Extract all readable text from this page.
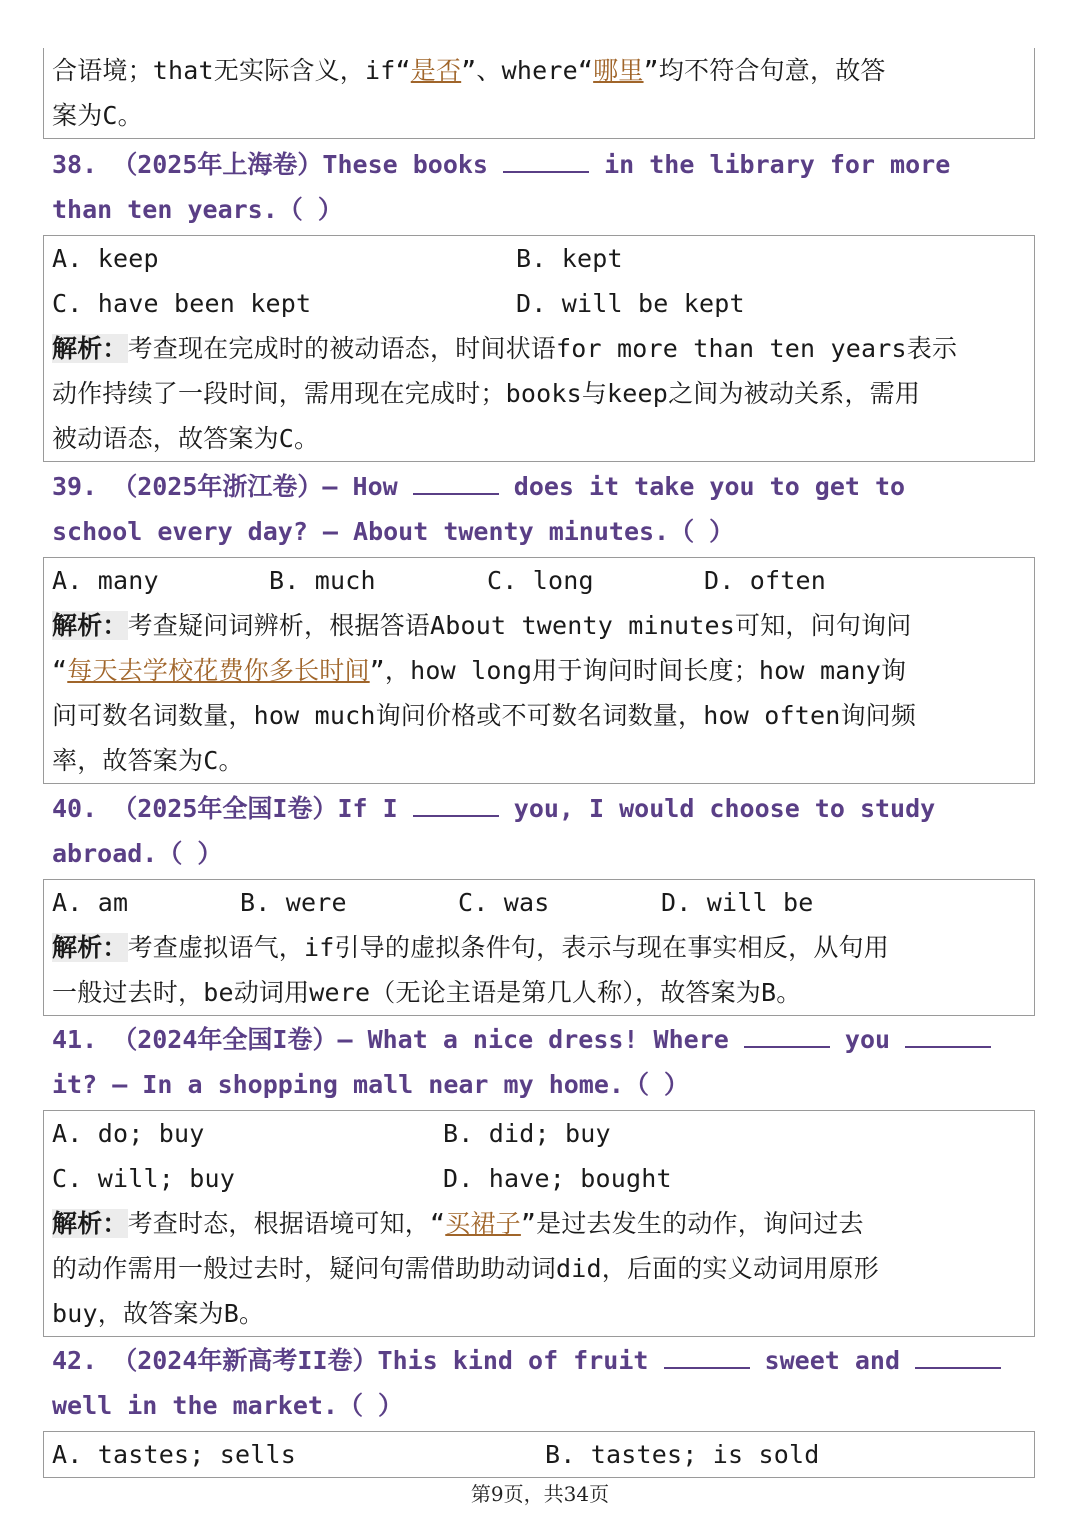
合语境；that无实际含义，if“是否”、where“哪里”均不符合句意，故答
案为C。
38. （2025年上海卷）These books	in the library for more
than ten years.（ ）
A. keep	B. kept
C. have been kept	D. will be kept
解析：考查现在完成时的被动语态，时间状语for more than ten years表示
动作持续了一段时间，需用现在完成时；books与keep之间为被动关系，需用
被动语态，故答案为C。
39. （2025年浙江卷）— How	does it take you to get to
school every day? — About twenty minutes.（ ）
A. many	B. much	C. long	D. often
解析：考查疑问词辨析，根据答语About twenty minutes可知，问句询问
“每天去学校花费你多长时间”，how long用于询问时间长度；how many询
问可数名词数量，how much询问价格或不可数名词数量，how often询问频
率，故答案为C。
40. （2025年全国I卷）If I	you, I would choose to study
abroad.（ ）
A. am	B. were	C. was	D. will be
解析：考查虚拟语气，if引导的虚拟条件句，表示与现在事实相反，从句用
一般过去时，be动词用were（无论主语是第几人称），故答案为B。
41. （2024年全国I卷）— What a nice dress! Where	you
it? — In a shopping mall near my home.（ ）
A. do; buy	B. did; buy
C. will; buy	D. have; bought
解析：考查时态，根据语境可知，“买裙子”是过去发生的动作，询问过去
的动作需用一般过去时，疑问句需借助助动词did，后面的实义动词用原形
buy，故答案为B。
42. （2024年新高考II卷）This kind of fruit	sweet and
well in the market.（ ）
A. tastes; sells	B. tastes; is sold
第9页，共34页
